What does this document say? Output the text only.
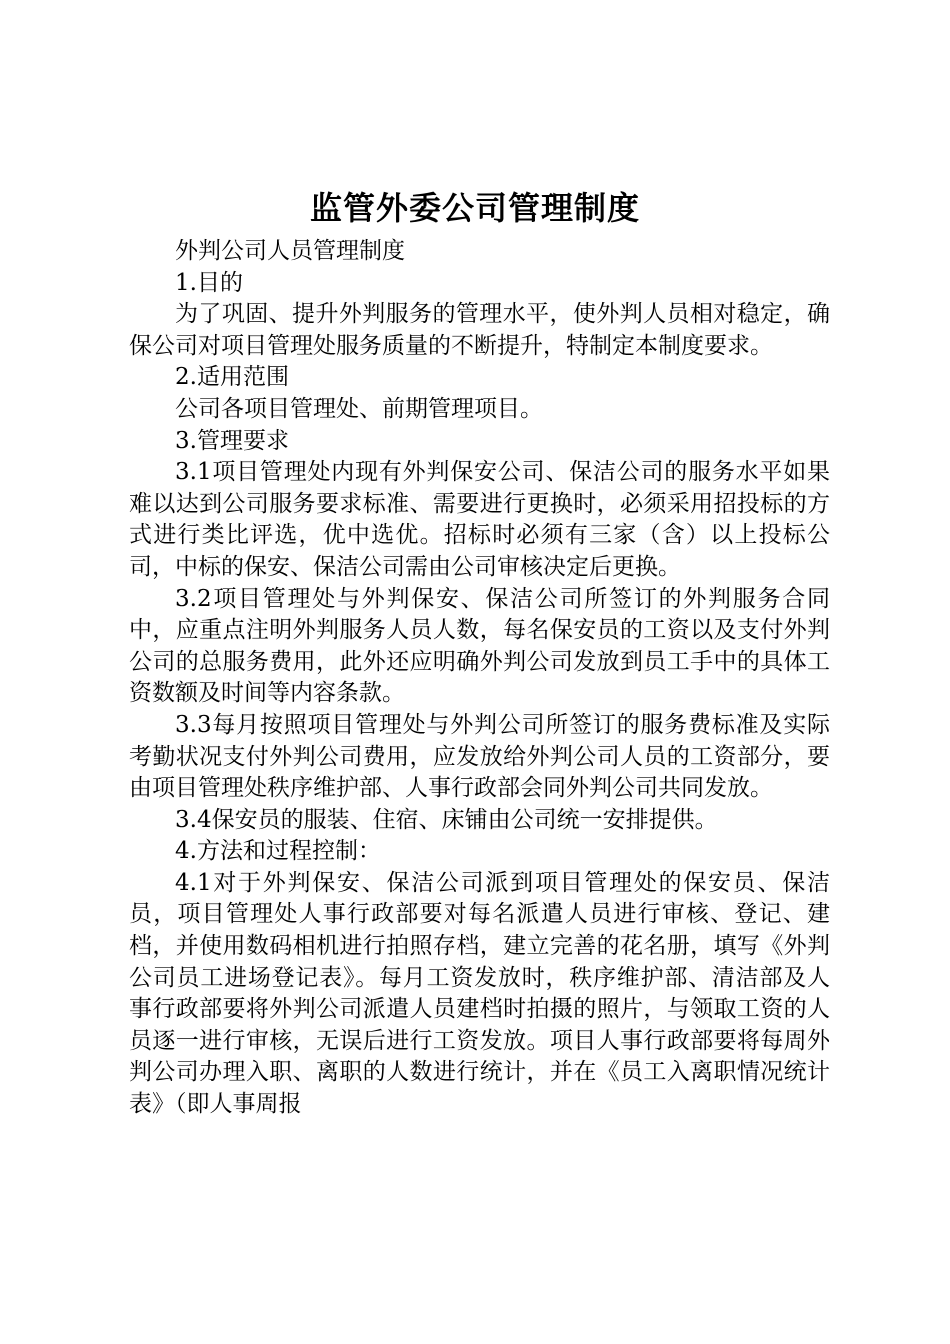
监管外委公司管理制度

外判公司人员管理制度

1.目的

为了巩固、提升外判服务的管理水平，使外判人员相对稳定，确保公司对项目管理处服务质量的不断提升，特制定本制度要求。

2.适用范围

公司各项目管理处、前期管理项目。

3.管理要求

3.1项目管理处内现有外判保安公司、保洁公司的服务水平如果难以达到公司服务要求标准、需要进行更换时，必须采用招投标的方式进行类比评选，优中选优。招标时必须有三家（含）以上投标公司，中标的保安、保洁公司需由公司审核决定后更换。

3.2项目管理处与外判保安、保洁公司所签订的外判服务合同中，应重点注明外判服务人员人数，每名保安员的工资以及支付外判公司的总服务费用，此外还应明确外判公司发放到员工手中的具体工资数额及时间等内容条款。

3.3每月按照项目管理处与外判公司所签订的服务费标准及实际考勤状况支付外判公司费用，应发放给外判公司人员的工资部分，要由项目管理处秩序维护部、人事行政部会同外判公司共同发放。

3.4保安员的服装、住宿、床铺由公司统一安排提供。

4.方法和过程控制：

4.1对于外判保安、保洁公司派到项目管理处的保安员、保洁员，项目管理处人事行政部要对每名派遣人员进行审核、登记、建档，并使用数码相机进行拍照存档，建立完善的花名册，填写《外判公司员工进场登记表》。每月工资发放时，秩序维护部、清洁部及人事行政部要将外判公司派遣人员建档时拍摄的照片，与领取工资的人员逐一进行审核，无误后进行工资发放。项目人事行政部要将每周外判公司办理入职、离职的人数进行统计，并在《员工入离职情况统计表》（即人事周报
